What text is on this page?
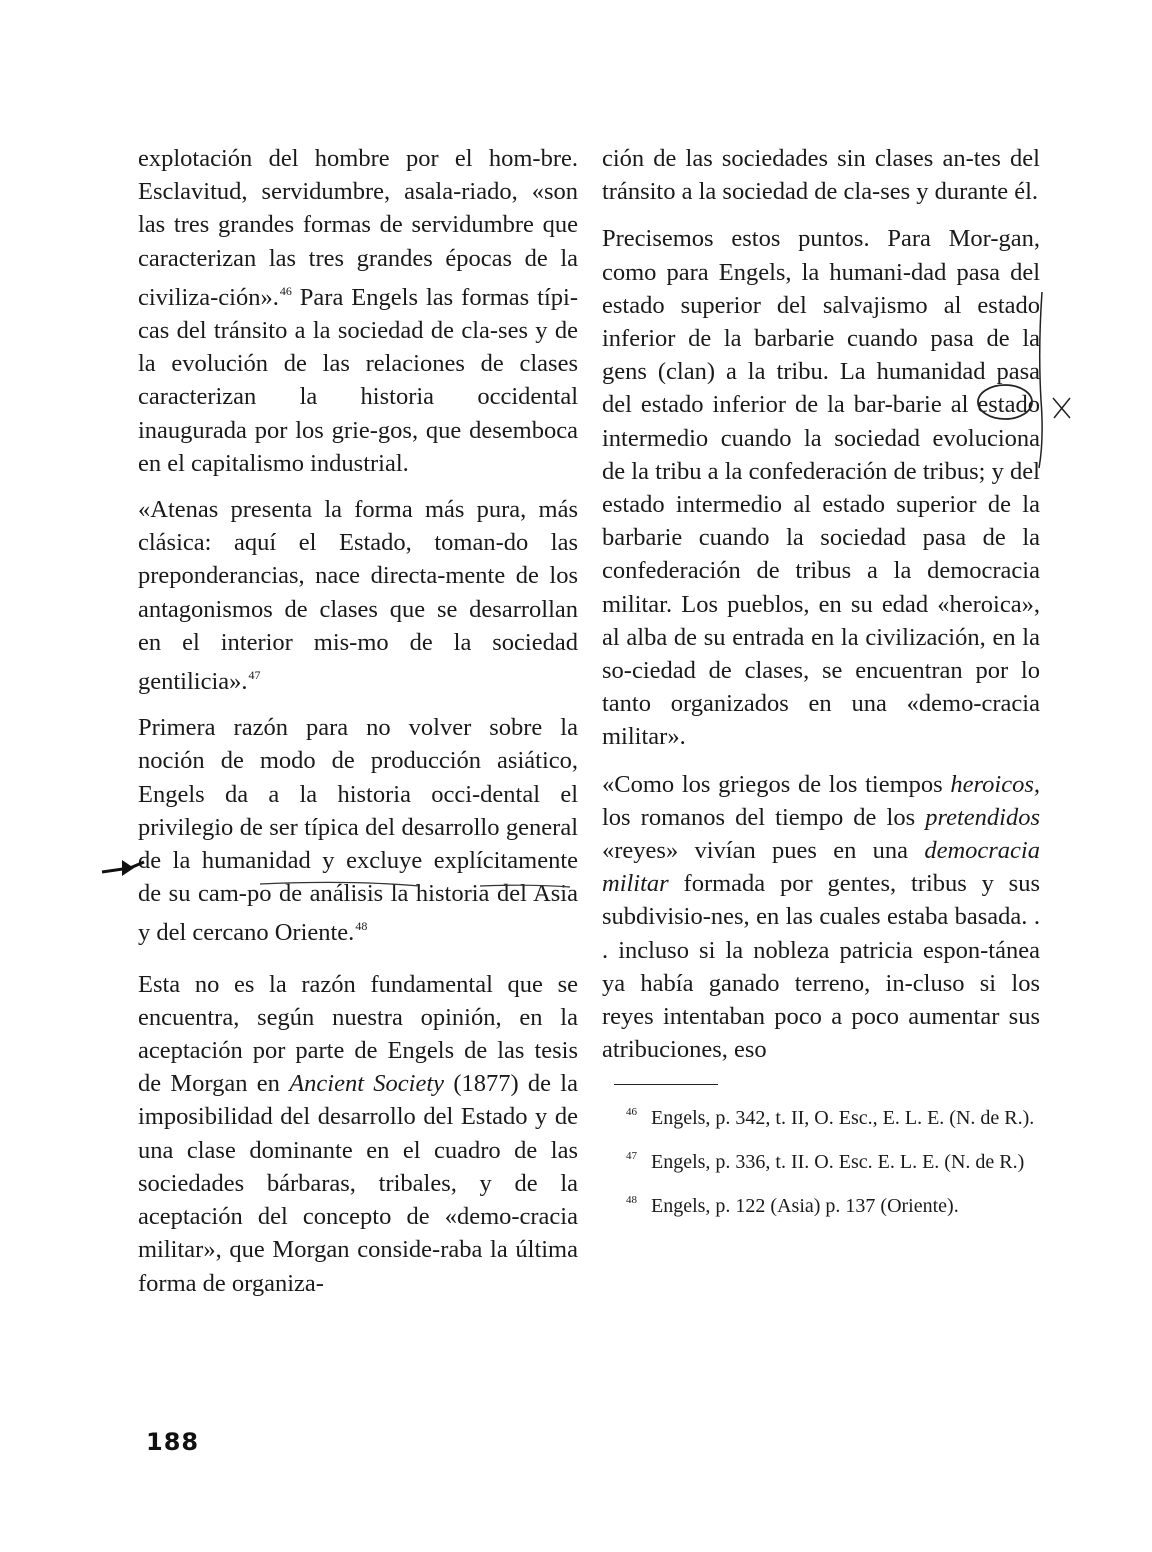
explotación del hombre por el hom-bre. Esclavitud, servidumbre, asala-riado, «son las tres grandes formas de servidumbre que caracterizan las tres grandes épocas de la civiliza-ción».$^{46}$ Para Engels las formas típi-cas del tránsito a la sociedad de cla-ses y de la evolución de las relaciones de clases caracterizan la historia occidental inaugurada por los grie-gos, que desemboca en el capitalismo industrial.

«Atenas presenta la forma más pura, más clásica: aquí el Estado, toman-do las preponderancias, nace directa-mente de los antagonismos de clases que se desarrollan en el interior mis-mo de la sociedad gentilicia».$^{47}$

Primera razón para no volver sobre la noción de modo de producción asiático, Engels da a la historia occi-dental el privilegio de ser típica del desarrollo general de la humanidad y excluye explícitamente de su cam-po de análisis la historia del Asia y del cercano Oriente.$^{48}$

Esta no es la razón fundamental que se encuentra, según nuestra opinión, en la aceptación por parte de Engels de las tesis de Morgan en Ancient Society (1877) de la imposibilidad del desarrollo del Estado y de una clase dominante en el cuadro de las sociedades bárbaras, tribales, y de la aceptación del concepto de «demo-cracia militar», que Morgan conside-raba la última forma de organiza-

ción de las sociedades sin clases an-tes del tránsito a la sociedad de cla-ses y durante él.

Precisemos estos puntos. Para Mor-gan, como para Engels, la humani-dad pasa del estado superior del salvajismo al estado inferior de la barbarie cuando pasa de la gens (clan) a la tribu. La humanidad pasa del estado inferior de la bar-barie al estado intermedio cuando la sociedad evoluciona de la tribu a la confederación de tribus; y del estado intermedio al estado superior de la barbarie cuando la sociedad pasa de la confederación de tribus a la democracia militar. Los pueblos, en su edad «heroica», al alba de su entrada en la civilización, en la so-ciedad de clases, se encuentran por lo tanto organizados en una «demo-cracia militar».

«Como los griegos de los tiempos heroicos, los romanos del tiempo de los pretendidos «reyes» vivían pues en una democracia militar formada por gentes, tribus y sus subdivisio-nes, en las cuales estaba basada. . . incluso si la nobleza patricia espon-tánea ya había ganado terreno, in-cluso si los reyes intentaban poco a poco aumentar sus atribuciones, eso

$^{46}$ Engels, p. 342, t. II, O. Esc., E. L. E. (N. de R.).

$^{47}$ Engels, p. 336, t. II. O. Esc. E. L. E. (N. de R.)

$^{48}$ Engels, p. 122 (Asia) p. 137 (Oriente).

188
